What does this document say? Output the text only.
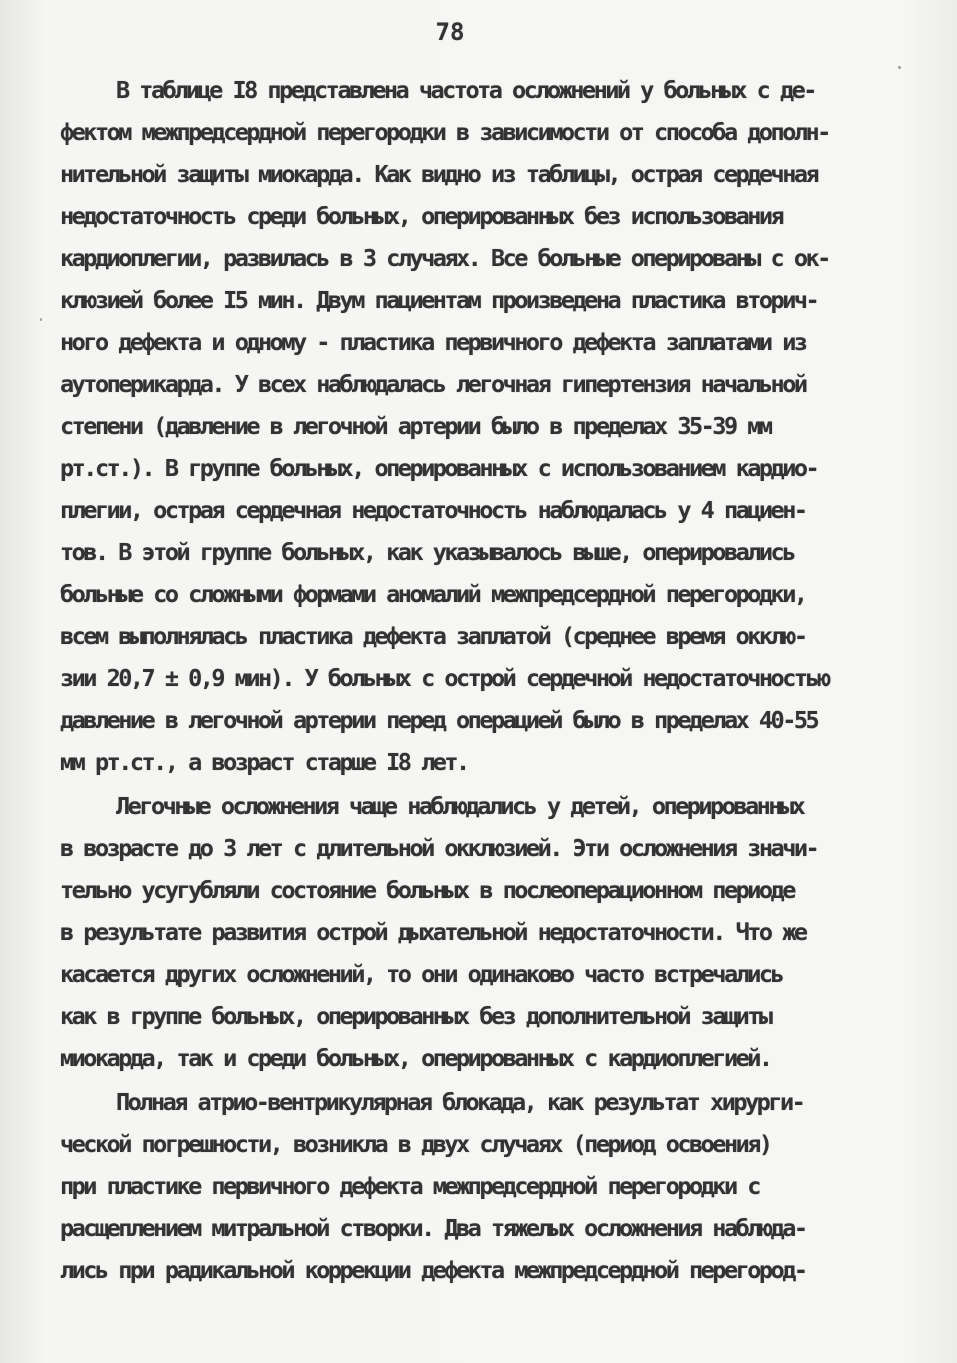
78
В таблице I8 представлена частота осложнений у больных с де-
фектом межпредсердной перегородки в зависимости от способа дополн-
нительной защиты миокарда. Как видно из таблицы, острая сердечная
недостаточность среди больных, оперированных без использования
кардиоплегии, развилась в 3 случаях. Все больные оперированы с ок-
клюзией более I5 мин. Двум пациентам произведена пластика вторич-
ного дефекта и одному - пластика первичного дефекта заплатами из
аутоперикарда. У всех наблюдалась легочная гипертензия начальной
степени (давление в легочной артерии было в пределах 35-39 мм
рт.ст.). В группе больных, оперированных с использованием кардио-
плегии, острая сердечная недостаточность наблюдалась у 4 пациен-
тов. В этой группе больных, как указывалось выше, оперировались
больные со сложными формами аномалий межпредсердной перегородки,
всем выполнялась пластика дефекта заплатой (среднее время окклю-
зии 20,7 ± 0,9 мин). У больных с острой сердечной недостаточностью
давление в легочной артерии перед операцией было в пределах 40-55
мм рт.ст., а возраст старше I8 лет.
Легочные осложнения чаще наблюдались у детей, оперированных
в возрасте до 3 лет с длительной окклюзией. Эти осложнения значи-
тельно усугубляли состояние больных в послеоперационном периоде
в результате развития острой дыхательной недостаточности. Что же
касается других осложнений, то они одинаково часто встречались
как в группе больных, оперированных без дополнительной защиты
миокарда, так и среди больных, оперированных с кардиоплегией.
Полная атрио-вентрикулярная блокада, как результат хирурги-
ческой погрешности, возникла в двух случаях (период освоения)
при пластике первичного дефекта межпредсердной перегородки с
расщеплением митральной створки. Два тяжелых осложнения наблюда-
лись при радикальной коррекции дефекта межпредсердной перегород-
